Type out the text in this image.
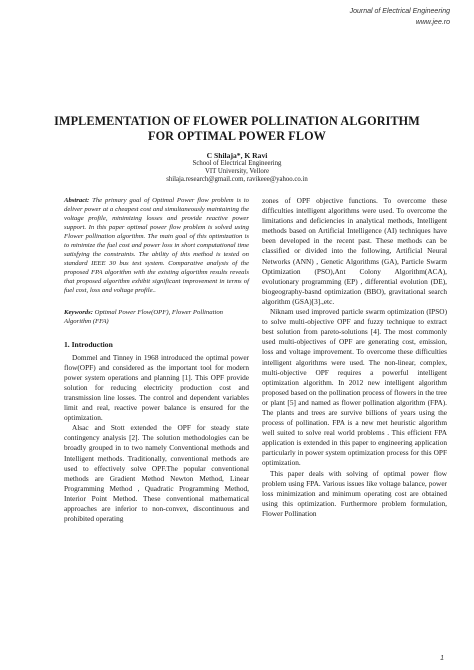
Journal of Electrical Engineering
www.jee.ro
IMPLEMENTATION OF FLOWER POLLINATION ALGORITHM FOR OPTIMAL POWER FLOW
C Shilaja*, K Ravi
School of Electrical Engineering
VIT University, Vellore
shilaja.research@gmail.com, ravikeee@yahoo.co.in

Abstract: The primary goal of Optimal Power flow problem is to deliver power at a cheapest cost and simultaneously maintaining the voltage profile, minimizing losses and provide reactive power support. In this paper optimal power flow problem is solved using Flower pollination algorithm. The main goal of this optimization is to minimize the fuel cost and power loss in short computational time satisfying the constraints. The ability of this method is tested on standard IEEE 30 bus test system. Comparative analysis of the proposed FPA algorithm with the existing algorithm results reveals that proposed algorithm exhibit significant improvement in terms of fuel cost, loss and voltage profile..

Keywords: Optimal Power Flow(OPF), Flower Pollination Algorithm (FFA)

1. Introduction

Dommel and Tinney in 1968 introduced the optimal power flow(OPF) and considered as the important tool for modern power system operations and planning [1]. This OPF provide solution for reducing electricity production cost and transmission line losses. The control and dependent variables limit and real, reactive power balance is ensured for the optimization.

Alsac and Stott extended the OPF for steady state contingency analysis [2]. The solution methodologies can be broadly grouped in to two namely Conventional methods and Intelligent methods. Traditionally, conventional methods are used to effectively solve OPF.The popular conventional methods are Gradient Method Newton Method, Linear Programming Method , Quadratic Programming Method, Interior Point Method. These conventional mathematical approaches are inferior to non-convex, discontinuous and prohibited operating

zones of OPF objective functions. To overcome these difficulties intelligent algorithms were used. To overcome the limitations and deficiencies in analytical methods, Intelligent methods based on Artificial Intelligence (AI) techniques have been developed in the recent past. These methods can be classified or divided into the following, Artificial Neural Networks (ANN) , Genetic Algorithms (GA), Particle Swarm Optimization (PSO),Ant Colony Algorithm(ACA), evolutionary programming (EP) , differential evolution (DE), biogeography-basnd optimization (BBO), gravitational search algorithm (GSA)[3].,etc.

Niknam used improved particle swarm optimization (IPSO) to solve multi-objective OPF and fuzzy technique to extract best solution from pareto-solutions [4]. The most commonly used multi-objectives of OPF are generating cost, emission, loss and voltage improvement. To overcome these difficulties intelligent algorithms were used. The non-linear, complex, multi-objective OPF requires a powerful intelligent optimization algorithm. In 2012 new intelligent algorithm proposed based on the pollination process of flowers in the tree or plant [5] and named as flower pollination algorithm (FPA). The plants and trees are survive billions of years using the process of pollination. FPA is a new met heuristic algorithm well suited to solve real world problems . This efficient FPA application is extended in this paper to engineering application particularly in power system optimization process for this OPF optimization.

This paper deals with solving of optimal power flow problem using FPA. Various issues like voltage balance, power loss minimization and minimum operating cost are obtained using this optimization. Furthermore problem formulation, Flower Pollination

1
